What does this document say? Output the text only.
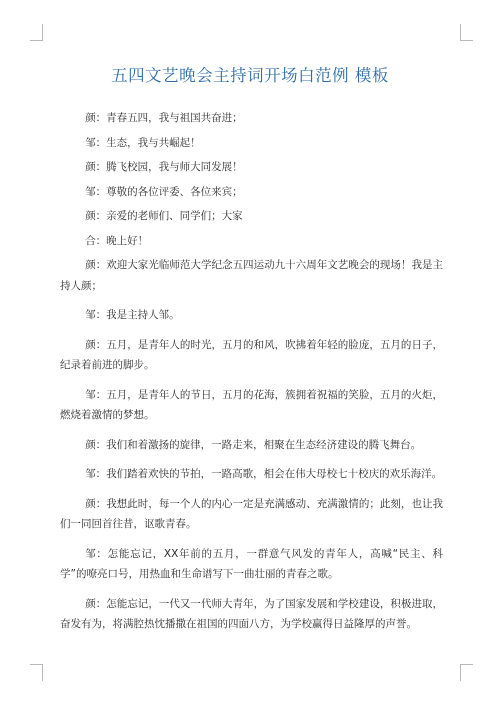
五四文艺晚会主持词开场白范例 模板

颜：青春五四，我与祖国共奋进；

邹：生态，我与共崛起！

颜：腾飞校园，我与师大同发展！

邹：尊敬的各位评委、各位来宾；

颜：亲爱的老师们、同学们；大家

合：晚上好！

颜：欢迎大家光临师范大学纪念五四运动九十六周年文艺晚会的现场！我是主持人颜；

邹：我是主持人邹。

颜：五月，是青年人的时光，五月的和风，吹拂着年轻的脸庞，五月的日子，纪录着前进的脚步。

邹：五月，是青年人的节日，五月的花海，簇拥着祝福的笑脸，五月的火炬，燃烧着激情的梦想。

颜：我们和着激扬的旋律，一路走来，相聚在生态经济建设的腾飞舞台。

邹：我们踏着欢快的节拍，一路高歌，相会在伟大母校七十校庆的欢乐海洋。

颜：我想此时，每一个人的内心一定是充满感动、充满激情的；此刻，也让我们一同回首往昔，讴歌青春。

邹：怎能忘记，XX年前的五月，一群意气风发的青年人，高喊“民主、科学”的嘹亮口号，用热血和生命谱写下一曲壮丽的青春之歌。

颜：怎能忘记，一代又一代师大青年，为了国家发展和学校建设，积极进取，奋发有为，将满腔热忱播撒在祖国的四面八方，为学校赢得日益隆厚的声誉。
